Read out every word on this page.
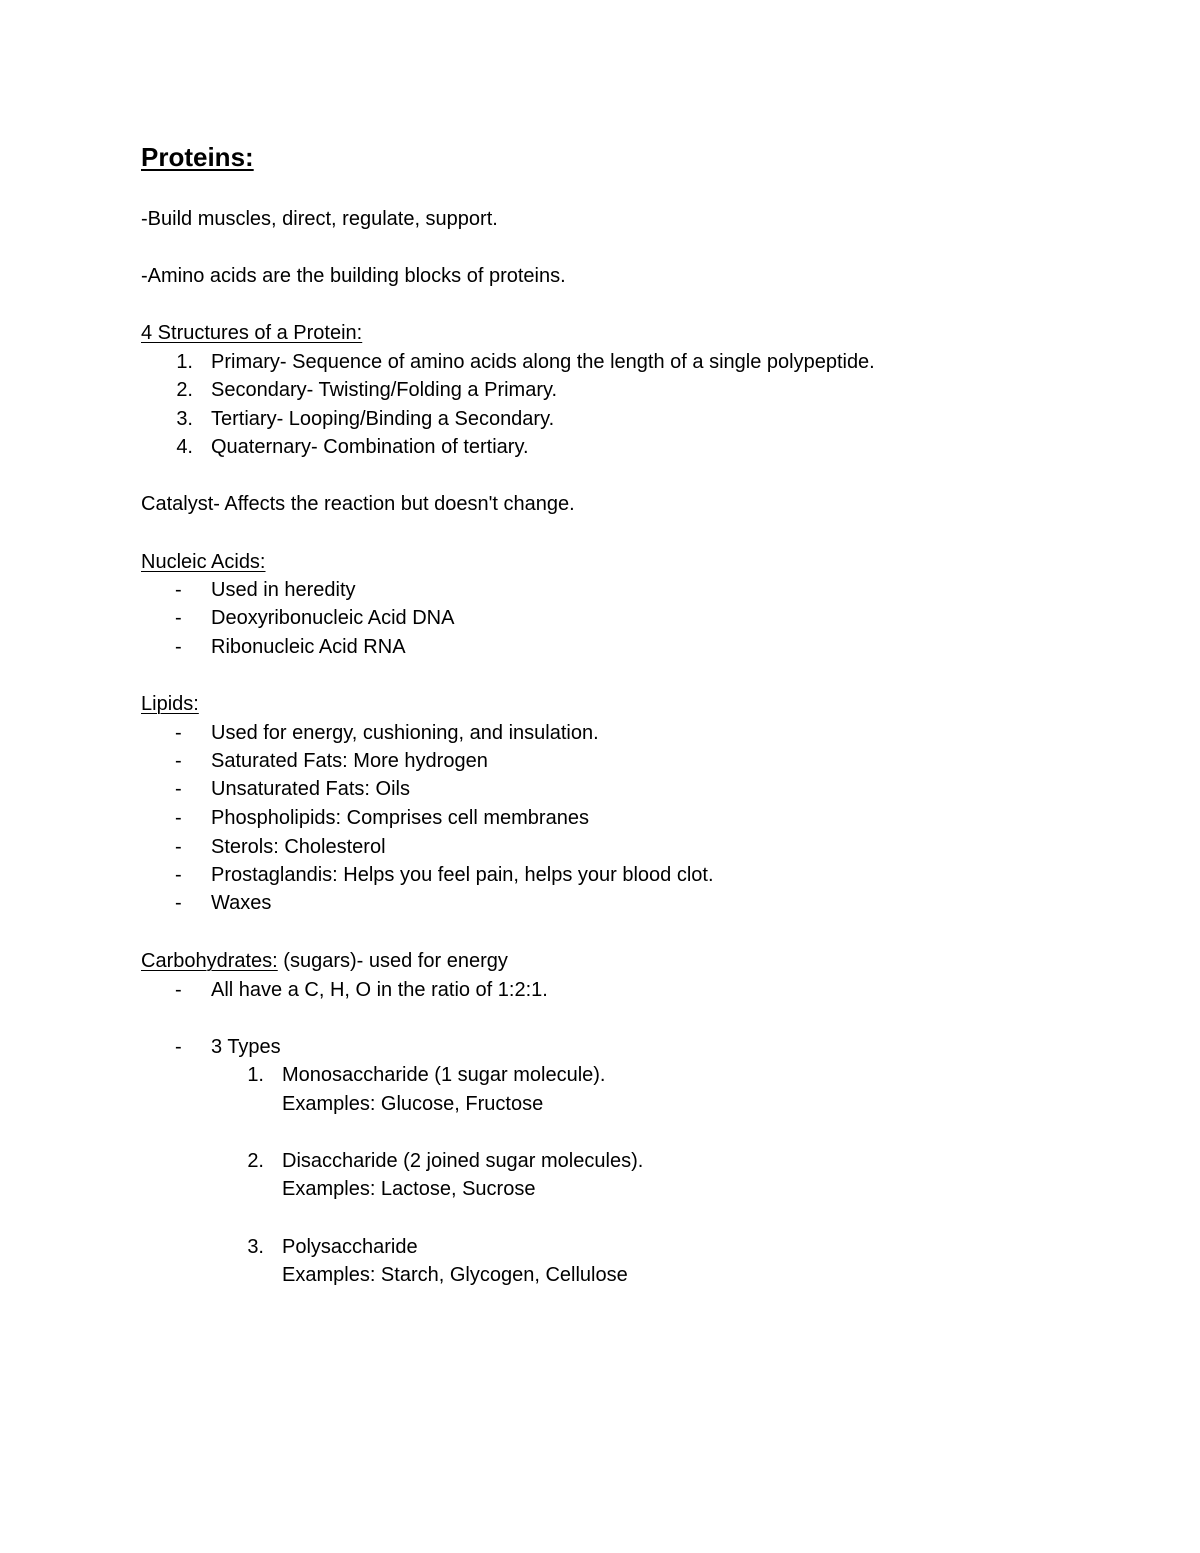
Proteins:
-Build muscles, direct, regulate, support.
-Amino acids are the building blocks of proteins.
4 Structures of a Protein:
1. Primary- Sequence of amino acids along the length of a single polypeptide.
2. Secondary- Twisting/Folding a Primary.
3. Tertiary- Looping/Binding a Secondary.
4. Quaternary- Combination of tertiary.
Catalyst- Affects the reaction but doesn't change.
Nucleic Acids:
- Used in heredity
- Deoxyribonucleic Acid DNA
- Ribonucleic Acid RNA
Lipids:
- Used for energy, cushioning, and insulation.
- Saturated Fats: More hydrogen
- Unsaturated Fats: Oils
- Phospholipids: Comprises cell membranes
- Sterols: Cholesterol
- Prostaglandis: Helps you feel pain, helps your blood clot.
- Waxes
Carbohydrates: (sugars)- used for energy
- All have a C, H, O in the ratio of 1:2:1.
- 3 Types
1. Monosaccharide (1 sugar molecule).
Examples: Glucose, Fructose
2. Disaccharide (2 joined sugar molecules).
Examples: Lactose, Sucrose
3. Polysaccharide
Examples: Starch, Glycogen, Cellulose
